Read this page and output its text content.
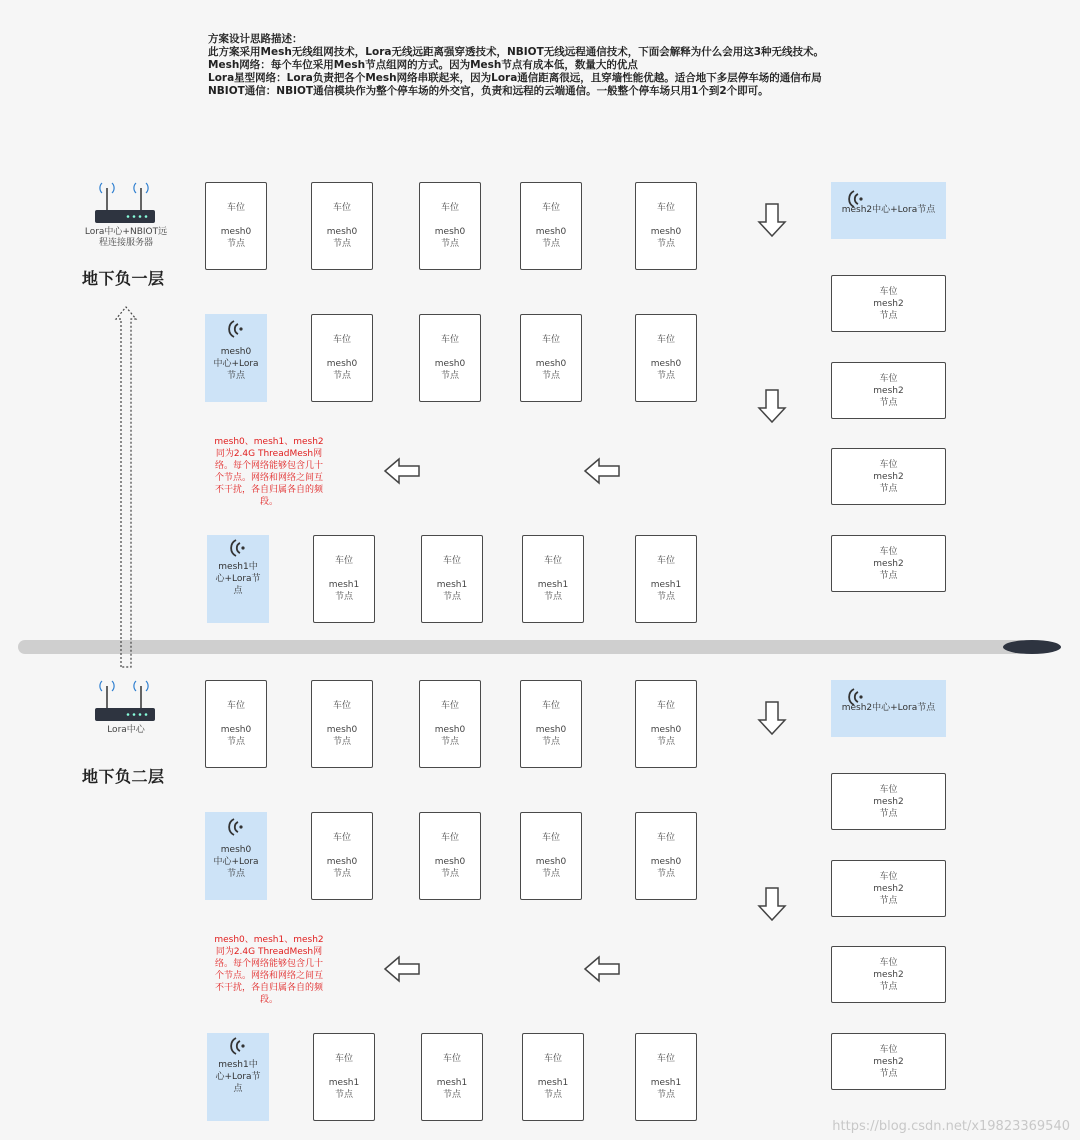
方案设计思路描述：
此方案采用Mesh无线组网技术，Lora无线远距离强穿透技术，NBIOT无线远程通信技术，下面会解释为什么会用这3种无线技术。
Mesh网络：每个车位采用Mesh节点组网的方式。因为Mesh节点有成本低，数量大的优点
Lora星型网络：Lora负责把各个Mesh网络串联起来，因为Lora通信距离很远，且穿墙性能优越。适合地下多层停车场的通信布局
NBIOT通信：NBIOT通信模块作为整个停车场的外交官，负责和远程的云端通信。一般整个停车场只用1个到2个即可。
Lora中心+NBIOT远
程连接服务器
地下负一层
车位
mesh0
节点
车位
mesh0
节点
车位
mesh0
节点
车位
mesh0
节点
车位
mesh0
节点
mesh0
中心+Lora
节点
车位
mesh0
节点
车位
mesh0
节点
车位
mesh0
节点
车位
mesh0
节点
mesh1中
心+Lora节
点
车位
mesh1
节点
车位
mesh1
节点
车位
mesh1
节点
车位
mesh1
节点
mesh2中心+Lora节点
车位
mesh2
节点
车位
mesh2
节点
车位
mesh2
节点
车位
mesh2
节点
mesh0、mesh1、mesh2
同为2.4G ThreadMesh网
络。每个网络能够包含几十
个节点。网络和网络之间互
不干扰，各自归属各自的频
段。
Lora中心
地下负二层
车位
mesh0
节点
车位
mesh0
节点
车位
mesh0
节点
车位
mesh0
节点
车位
mesh0
节点
mesh0
中心+Lora
节点
车位
mesh0
节点
车位
mesh0
节点
车位
mesh0
节点
车位
mesh0
节点
mesh1中
心+Lora节
点
车位
mesh1
节点
车位
mesh1
节点
车位
mesh1
节点
车位
mesh1
节点
mesh2中心+Lora节点
车位
mesh2
节点
车位
mesh2
节点
车位
mesh2
节点
车位
mesh2
节点
mesh0、mesh1、mesh2
同为2.4G ThreadMesh网
络。每个网络能够包含几十
个节点。网络和网络之间互
不干扰，各自归属各自的频
段。
https://blog.csdn.net/x19823369540
